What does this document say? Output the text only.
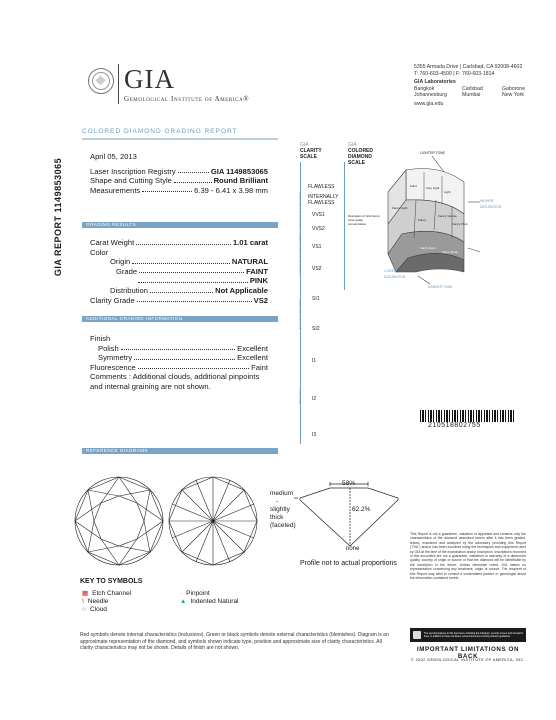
GIA
Gemological Institute of America®
5355 Armada Drive | Carlsbad, CA 92008-4602
T: 760-603-4500 | F: 760-603-1814
GIA Laboratories
Bangkok
Johannesburg
Carlsbad
Mumbai
Gaborone
New York
www.gia.edu
COLORED DIAMOND GRADING REPORT
GIA REPORT 1149853065
April 05, 2013
Laser Inscription Registry	GIA 1149853065
Shape and Cutting Style	Round Brilliant
Measurements	6.39 - 6.41 x 3.98 mm
GRADING RESULTS
Carat Weight	1.01 carat
Color
Origin	NATURAL
Grade	FAINT
PINK
Distribution	Not Applicable
Clarity Grade	VS2
ADDITIONAL GRADING INFORMATION
Finish
Polish	Excellent
Symmetry	Excellent
Fluorescence	Faint
Comments : Additional clouds, additional pinpoints and internal graining are not shown.
REFERENCE DIAGRAMS
GIA
CLARITY
SCALE
FLAWLESS
INTERNALLY FLAWLESS
VVS1
VVS2
VS1
VS2
SI1
SI2
I1
I2
I3
VERY VERY SLIGHTLY INCLUDED
VERY SLIGHTLY INCLUDED
SLIGHTLY INCLUDED
INCLUDED
GIA
COLORED
DIAMOND
SCALE
Illustration of GIA Fancy color grade nomenclature
LIGHTER TONE
HIGHER SATURATION
LOWER SATURATION
DARKER TONE
Faint	Very Light
Light
Fancy Light
Fancy
Fancy Intense
Fancy Vivid
Fancy Dark
Fancy Deep
210518802755
medium
-
slightly
thick
(faceted)
58%
62.2%
none
Profile not to actual proportions
KEY TO SYMBOLS
▦ Etch Channel
\ Needle
○ Cloud
· Pinpoint
▲ Indented Natural
Red symbols denote internal characteristics (inclusions). Green or black symbols denote external characteristics (blemishes). Diagram is an approximate representation of the diamond, and symbols shown indicate type, position and approximate size of clarity characteristics. All clarity characteristics may not be shown. Details of finish are not shown.
This Report is not a guarantee, valuation or appraisal and contains only the characteristics of the diamond described herein after it has been graded, tested, examined and analyzed by the laboratory providing this Report ("GIA") and/or has been inscribed using the techniques and equipment used by GIA at the time of the examination and/or inscription. Inscriptions recorded in this document are not a guarantee, validation or warranty of a diamond's quality, country of origin or source or that the diamond will be identifiable by the inscription in the future. Unless otherwise noted, GIA makes no representation concerning any treatment, origin or source. The recipient of this Report may wish to consult a credentialed jeweler or gemologist about the information contained herein.
The security features in this document, including the hologram, security screen and microprint lines, in addition to those not listed, exceed document security industry guidelines.
IMPORTANT LIMITATIONS ON BACK
© 2002 GEMOLOGICAL INSTITUTE OF AMERICA, INC.
